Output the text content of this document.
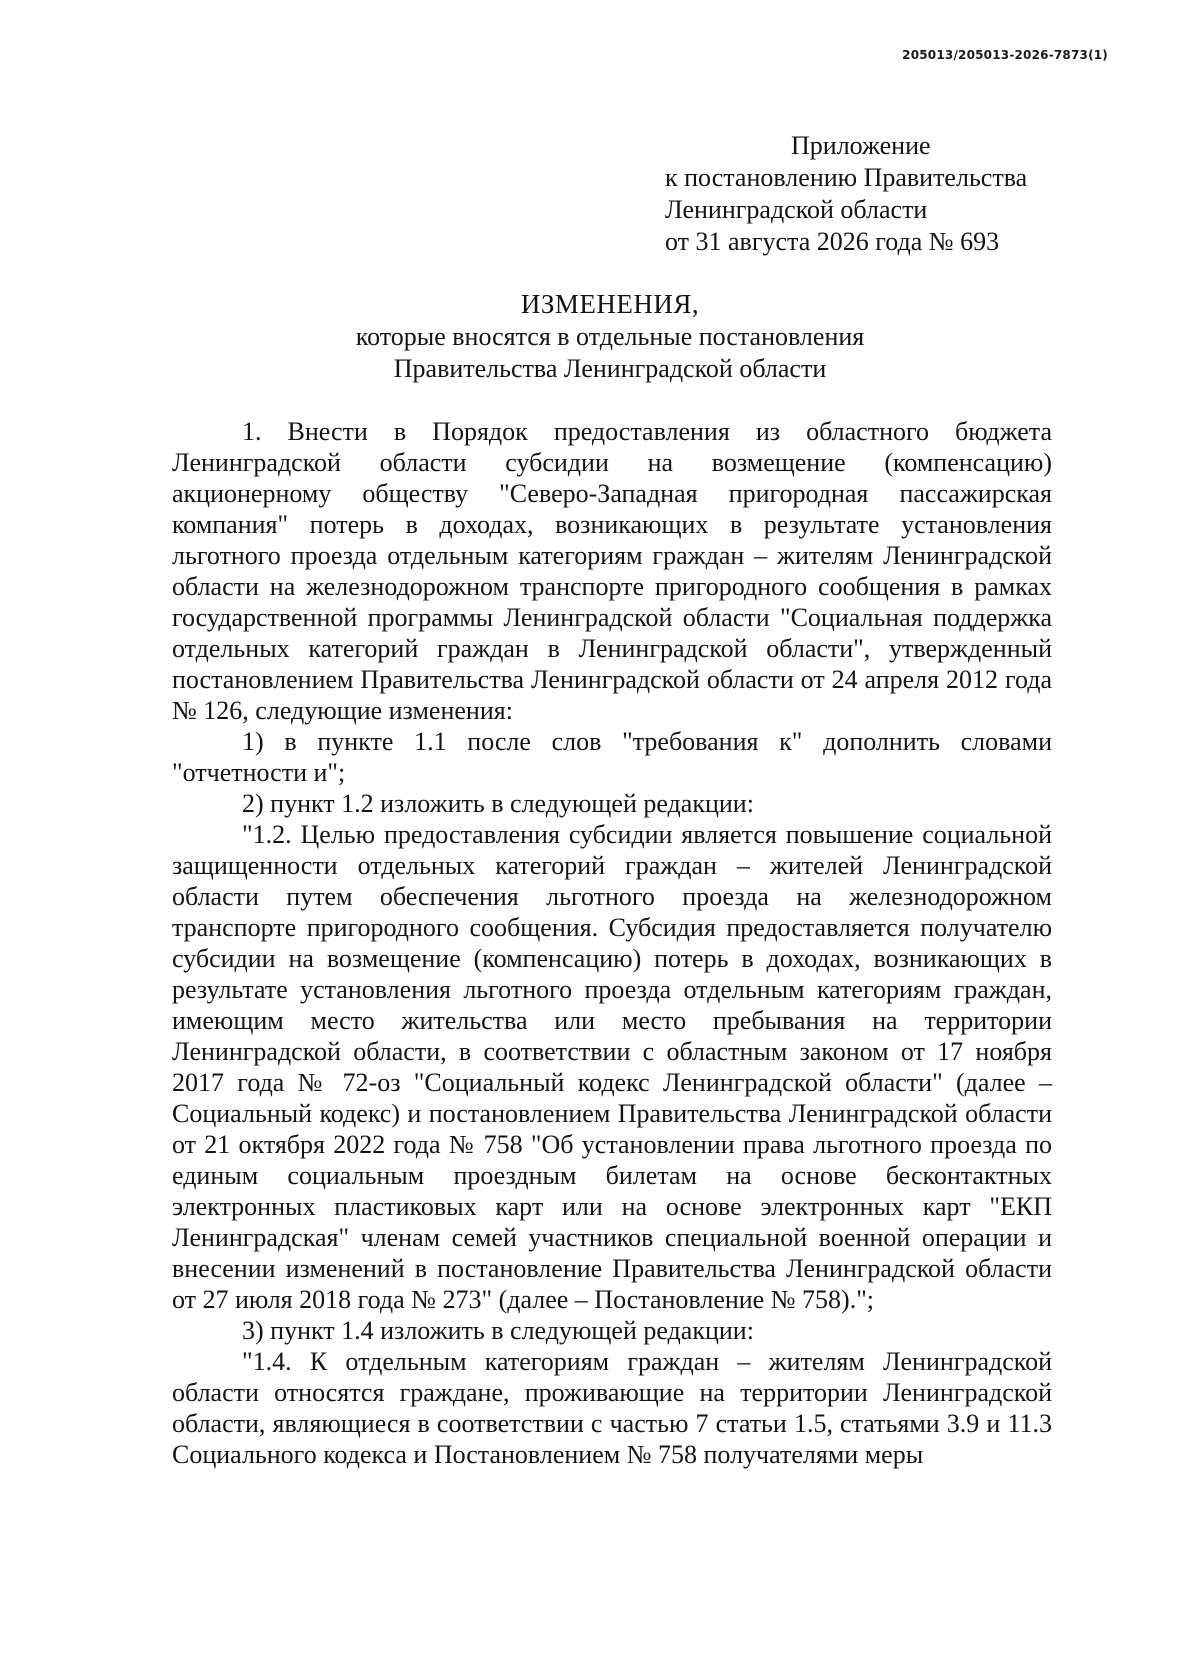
205013/205013-2026-7873(1)
Приложение
к постановлению Правительства
Ленинградской области
от 31 августа 2026 года № 693
ИЗМЕНЕНИЯ,
которые вносятся в отдельные постановления
Правительства Ленинградской области

1. Внести в Порядок предоставления из областного бюджета Ленинградской области субсидии на возмещение (компенсацию) акционерному обществу "Северо-Западная пригородная пассажирская компания" потерь в доходах, возникающих в результате установления льготного проезда отдельным категориям граждан – жителям Ленинградской области на железнодорожном транспорте пригородного сообщения в рамках государственной программы Ленинградской области "Социальная поддержка отдельных категорий граждан в Ленинградской области", утвержденный постановлением Правительства Ленинградской области от 24 апреля 2012 года № 126, следующие изменения:

1) в пункте 1.1 после слов "требования к" дополнить словами "отчетности и";

2) пункт 1.2 изложить в следующей редакции:

"1.2. Целью предоставления субсидии является повышение социальной защищенности отдельных категорий граждан – жителей Ленинградской области путем обеспечения льготного проезда на железнодорожном транспорте пригородного сообщения. Субсидия предоставляется получателю субсидии на возмещение (компенсацию) потерь в доходах, возникающих в результате установления льготного проезда отдельным категориям граждан, имеющим место жительства или место пребывания на территории Ленинградской области, в соответствии с областным законом от 17 ноября 2017 года № 72-оз "Социальный кодекс Ленинградской области" (далее – Социальный кодекс) и постановлением Правительства Ленинградской области от 21 октября 2022 года № 758 "Об установлении права льготного проезда по единым социальным проездным билетам на основе бесконтактных электронных пластиковых карт или на основе электронных карт "ЕКП Ленинградская" членам семей участников специальной военной операции и внесении изменений в постановление Правительства Ленинградской области от 27 июля 2018 года № 273" (далее – Постановление № 758).";

3) пункт 1.4 изложить в следующей редакции:

"1.4. К отдельным категориям граждан – жителям Ленинградской области относятся граждане, проживающие на территории Ленинградской области, являющиеся в соответствии с частью 7 статьи 1.5, статьями 3.9 и 11.3 Социального кодекса и Постановлением № 758 получателями меры
